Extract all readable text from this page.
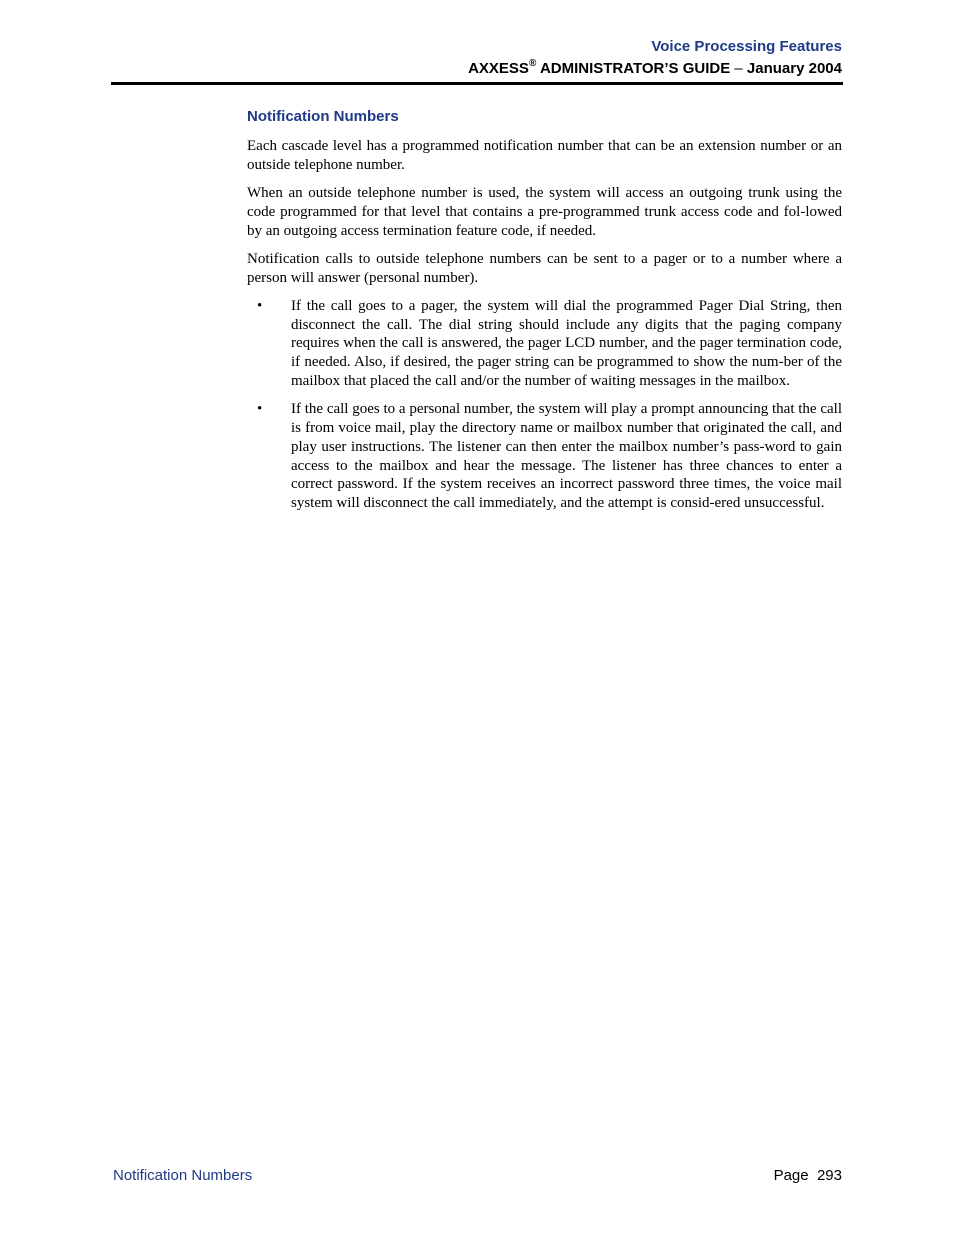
Voice Processing Features
AXXESS® ADMINISTRATOR’S GUIDE – January 2004
Notification Numbers

Each cascade level has a programmed notification number that can be an extension number or an outside telephone number.

When an outside telephone number is used, the system will access an outgoing trunk using the code programmed for that level that contains a pre-programmed trunk access code and fol-lowed by an outgoing access termination feature code, if needed.

Notification calls to outside telephone numbers can be sent to a pager or to a number where a person will answer (personal number).

• If the call goes to a pager, the system will dial the programmed Pager Dial String, then disconnect the call. The dial string should include any digits that the paging company requires when the call is answered, the pager LCD number, and the pager termination code, if needed. Also, if desired, the pager string can be programmed to show the num-ber of the mailbox that placed the call and/or the number of waiting messages in the mailbox.
• If the call goes to a personal number, the system will play a prompt announcing that the call is from voice mail, play the directory name or mailbox number that originated the call, and play user instructions. The listener can then enter the mailbox number’s pass-word to gain access to the mailbox and hear the message. The listener has three chances to enter a correct password. If the system receives an incorrect password three times, the voice mail system will disconnect the call immediately, and the attempt is consid-ered unsuccessful.
Notification Numbers	Page 293
